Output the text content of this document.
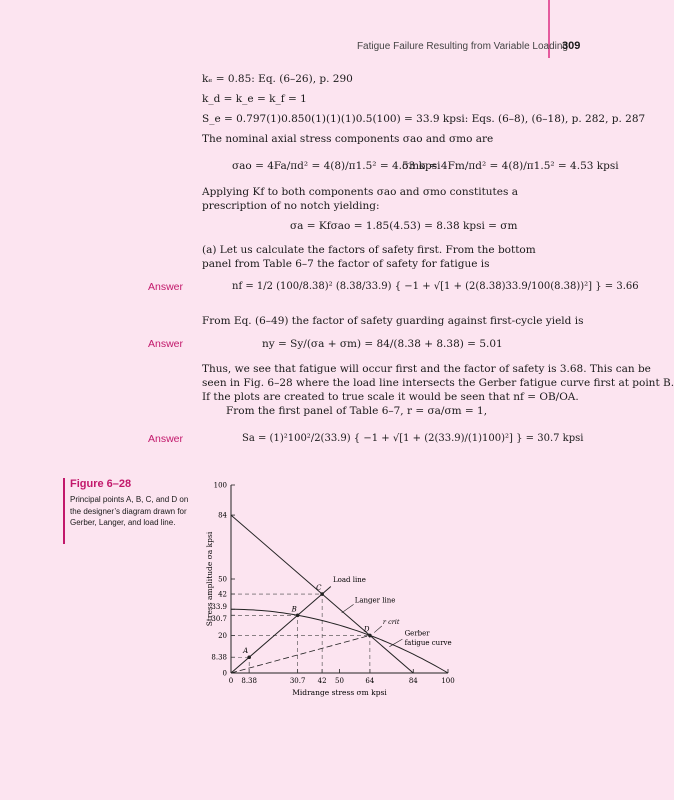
Fatigue Failure Resulting from Variable Loading
309
kₑ = 0.85: Eq. (6–26), p. 290
k_d = k_e = k_f = 1
S_e = 0.797(1)0.850(1)(1)(1)0.5(100) = 33.9 kpsi: Eqs. (6–8), (6–18), p. 282, p. 287
The nominal axial stress components σao and σmo are
σao = 4Fa/πd² = 4(8)/π1.5² = 4.53 kpsi
σmo = 4Fm/πd² = 4(8)/π1.5² = 4.53 kpsi
Applying Kf to both components σao and σmo constitutes a prescription of no notch yielding:
σa = Kfσao = 1.85(4.53) = 8.38 kpsi = σm
(a) Let us calculate the factors of safety first. From the bottom panel from Table 6–7 the factor of safety for fatigue is
Answer	nf = 1/2 (100/8.38)² (8.38/33.9) { −1 + √[1 + (2(8.38)33.9/100(8.38))²] } = 3.66
From Eq. (6–49) the factor of safety guarding against first-cycle yield is
Answer	ny = Sy/(σa + σm) = 84/(8.38 + 8.38) = 5.01
Thus, we see that fatigue will occur first and the factor of safety is 3.68. This can be
seen in Fig. 6–28 where the load line intersects the Gerber fatigue curve first at point B.
If the plots are created to true scale it would be seen that nf = OB/OA.
From the first panel of Table 6–7, r = σa/σm = 1,
Answer	Sa = (1)²100²/2(33.9) { −1 + √[1 + (2(33.9)/(1)100)²] } = 30.7 kpsi
Figure 6–28
Principal points A, B, C, and D on the designer’s diagram drawn for Gerber, Langer, and load line.
0 8.38	30.7 42 50	64	84	100
0
8.38
20
30.7
33.9
42
50
84
100
Midrange stress σm kpsi
Stress amplitude σa kpsi
A
B
C
D
Load line
Langer line
r crit
Gerber
fatigue curve
